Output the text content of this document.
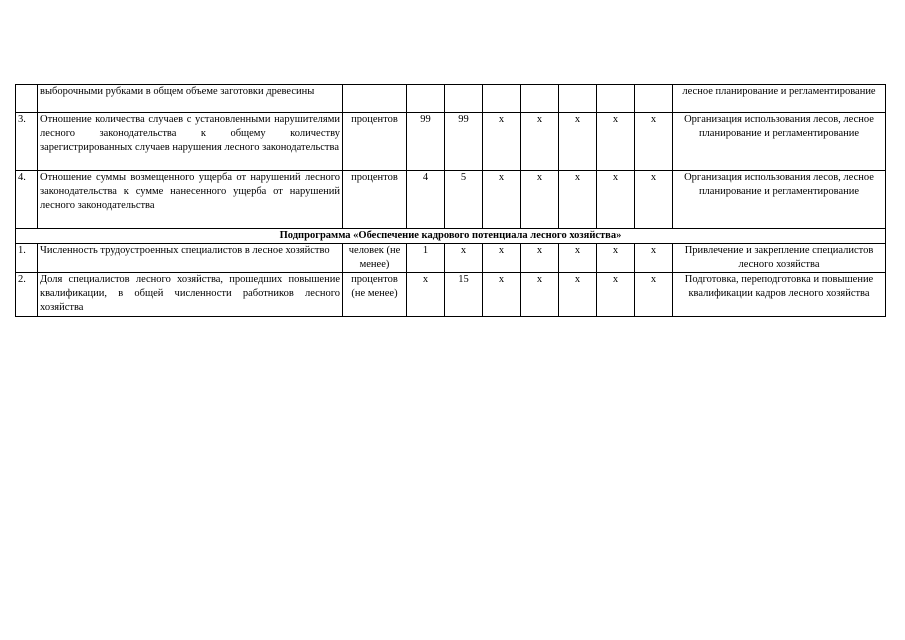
	выборочными рубками в общем объеме заготовки древесины									лесное планирование и регламентирование
3.	Отношение количества случаев с установленными нарушителями лесного законодательства к общему количеству зарегистрированных случаев нарушения лесного законодательства	процентов	99	99	x	x	x	x	x	Организация использования лесов, лесное планирование и регламентирование
4.	Отношение суммы возмещенного ущерба от нарушений лесного законодательства к сумме нанесенного ущерба от нарушений лесного законодательства	процентов	4	5	x	x	x	x	x	Организация использования лесов, лесное планирование и регламентирование
Подпрограмма «Обеспечение кадрового потенциала лесного хозяйства»										
1.	Численность трудоустроенных специалистов в лесное хозяйство	человек (не менее)	1	x	x	x	x	x	x	Привлечение и закрепление специалистов лесного хозяйства
2.	Доля специалистов лесного хозяйства, прошедших повышение квалификации, в общей численности работников лесного хозяйства	процентов (не менее)	x	15	x	x	x	x	x	Подготовка, переподготовка и повышение квалификации кадров лесного хозяйства
